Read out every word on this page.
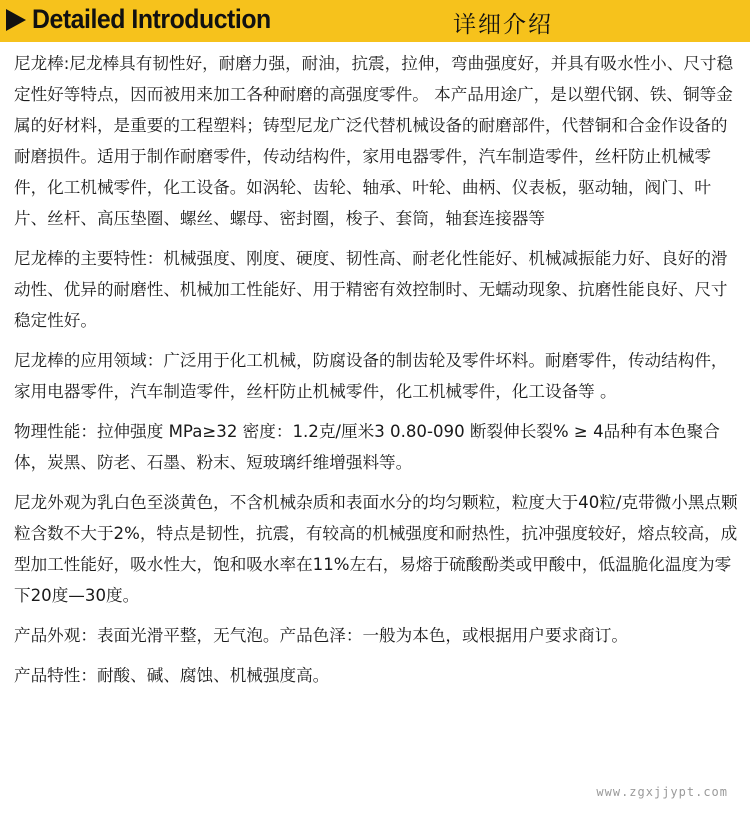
Detailed Introduction	详细介绍

尼龙棒:尼龙棒具有韧性好，耐磨力强，耐油，抗震，拉伸，弯曲强度好，并具有吸水性小、尺寸稳定性好等特点，因而被用来加工各种耐磨的高强度零件。 本产品用途广，是以塑代钢、铁、铜等金属的好材料，是重要的工程塑料；铸型尼龙广泛代替机械设备的耐磨部件，代替铜和合金作设备的耐磨损件。适用于制作耐磨零件，传动结构件，家用电器零件，汽车制造零件，丝杆防止机械零件，化工机械零件，化工设备。如涡轮、齿轮、轴承、叶轮、曲柄、仪表板，驱动轴，阀门、叶片、丝杆、高压垫圈、螺丝、螺母、密封圈，梭子、套筒，轴套连接器等

尼龙棒的主要特性：机械强度、刚度、硬度、韧性高、耐老化性能好、机械减振能力好、良好的滑动性、优异的耐磨性、机械加工性能好、用于精密有效控制时、无蠕动现象、抗磨性能良好、尺寸稳定性好。

尼龙棒的应用领域：广泛用于化工机械，防腐设备的制齿轮及零件坏料。耐磨零件，传动结构件，家用电器零件，汽车制造零件，丝杆防止机械零件，化工机械零件，化工设备等 。

物理性能：拉伸强度 MPa≥32 密度：1.2克/厘米3 0.80-090 断裂伸长裂% ≥ 4品种有本色聚合体，炭黑、防老、石墨、粉末、短玻璃纤维增强料等。

尼龙外观为乳白色至淡黄色，不含机械杂质和表面水分的均匀颗粒，粒度大于40粒/克带微小黑点颗粒含数不大于2%，特点是韧性，抗震，有较高的机械强度和耐热性，抗冲强度较好，熔点较高，成型加工性能好，吸水性大，饱和吸水率在11%左右，易熔于硫酸酚类或甲酸中，低温脆化温度为零下20度—30度。

产品外观：表面光滑平整，无气泡。产品色泽：一般为本色，或根据用户要求商订。

产品特性：耐酸、碱、腐蚀、机械强度高。

www.zgxjjypt.com
